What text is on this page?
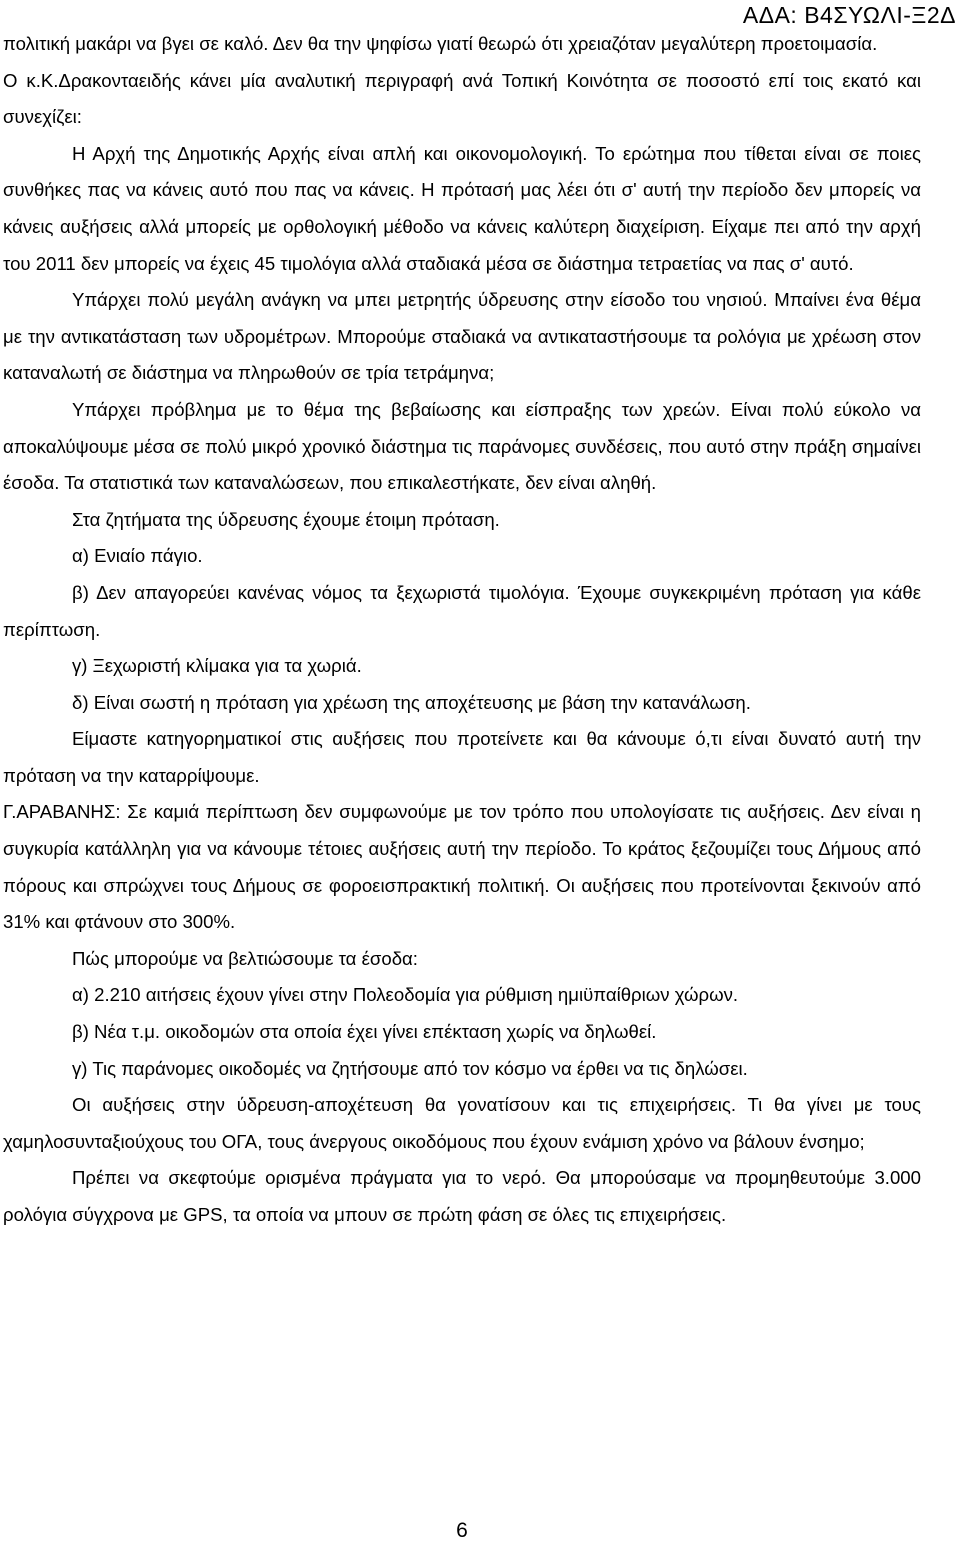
ΑΔΑ: Β4ΣΥΩΛΙ-Ξ2Δ

πολιτική μακάρι να βγει σε καλό. Δεν θα την ψηφίσω γιατί θεωρώ ότι χρειαζόταν μεγαλύτερη προετοιμασία.

Ο κ.Κ.Δρακονταειδής κάνει μία αναλυτική περιγραφή ανά Τοπική Κοινότητα σε ποσοστό επί τοις εκατό και συνεχίζει:

Η Αρχή της Δημοτικής Αρχής είναι απλή και οικονομολογική. Το ερώτημα που τίθεται είναι σε ποιες συνθήκες πας να κάνεις αυτό που πας να κάνεις. Η πρότασή μας λέει ότι σ' αυτή την περίοδο δεν μπορείς να κάνεις αυξήσεις αλλά μπορείς με ορθολογική μέθοδο να κάνεις καλύτερη διαχείριση. Είχαμε πει από την αρχή του 2011 δεν μπορείς να έχεις 45 τιμολόγια αλλά σταδιακά μέσα σε διάστημα τετραετίας να πας σ' αυτό.

Υπάρχει πολύ μεγάλη ανάγκη να μπει μετρητής ύδρευσης στην είσοδο του νησιού. Μπαίνει ένα θέμα με την αντικατάσταση των υδρομέτρων. Μπορούμε σταδιακά να αντικαταστήσουμε τα ρολόγια με χρέωση στον καταναλωτή σε διάστημα να πληρωθούν σε τρία τετράμηνα;

Υπάρχει πρόβλημα με το θέμα της βεβαίωσης και είσπραξης των χρεών. Είναι πολύ εύκολο να αποκαλύψουμε μέσα σε πολύ μικρό χρονικό διάστημα τις παράνομες συνδέσεις, που αυτό στην πράξη σημαίνει έσοδα. Τα στατιστικά των καταναλώσεων, που επικαλεστήκατε, δεν είναι αληθή.

Στα ζητήματα της ύδρευσης έχουμε έτοιμη πρόταση.

α) Ενιαίο πάγιο.

β) Δεν απαγορεύει κανένας νόμος τα ξεχωριστά τιμολόγια. Έχουμε συγκεκριμένη πρόταση για κάθε περίπτωση.

γ) Ξεχωριστή κλίμακα για τα χωριά.

δ) Είναι σωστή η πρόταση για χρέωση της αποχέτευσης με βάση την κατανάλωση.

Είμαστε κατηγορηματικοί στις αυξήσεις που προτείνετε και θα κάνουμε ό,τι είναι δυνατό αυτή την πρόταση να την καταρρίψουμε.

Γ.ΑΡΑΒΑΝΗΣ: Σε καμιά περίπτωση δεν συμφωνούμε με τον τρόπο που υπολογίσατε τις αυξήσεις. Δεν είναι η συγκυρία κατάλληλη για να κάνουμε τέτοιες αυξήσεις αυτή την περίοδο. Το κράτος ξεζουμίζει τους Δήμους από πόρους και σπρώχνει τους Δήμους σε φοροεισπρακτική πολιτική. Οι αυξήσεις που προτείνονται ξεκινούν από 31% και φτάνουν στο 300%.

Πώς μπορούμε να βελτιώσουμε τα έσοδα:

α) 2.210 αιτήσεις έχουν γίνει στην Πολεοδομία για ρύθμιση ημιϋπαίθριων χώρων.

β) Νέα τ.μ. οικοδομών στα οποία έχει γίνει επέκταση χωρίς να δηλωθεί.

γ) Τις παράνομες οικοδομές να ζητήσουμε από τον κόσμο να έρθει να τις δηλώσει.

Οι αυξήσεις στην ύδρευση-αποχέτευση θα γονατίσουν και τις επιχειρήσεις. Τι θα γίνει με τους χαμηλοσυνταξιούχους του ΟΓΑ, τους άνεργους οικοδόμους που έχουν ενάμιση χρόνο να βάλουν ένσημο;

Πρέπει να σκεφτούμε ορισμένα πράγματα για το νερό. Θα μπορούσαμε να προμηθευτούμε 3.000 ρολόγια σύγχρονα με GPS, τα οποία να μπουν σε πρώτη φάση σε όλες τις επιχειρήσεις.

6
